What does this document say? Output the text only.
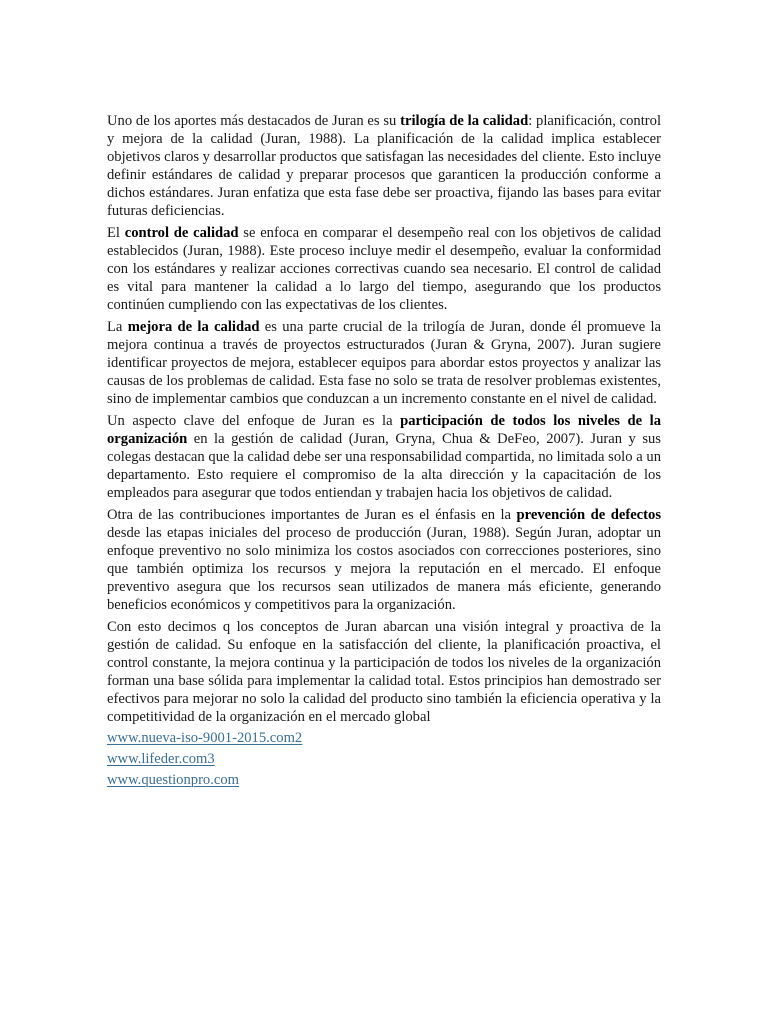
Uno de los aportes más destacados de Juran es su trilogía de la calidad: planificación, control y mejora de la calidad (Juran, 1988). La planificación de la calidad implica establecer objetivos claros y desarrollar productos que satisfagan las necesidades del cliente. Esto incluye definir estándares de calidad y preparar procesos que garanticen la producción conforme a dichos estándares. Juran enfatiza que esta fase debe ser proactiva, fijando las bases para evitar futuras deficiencias.

El control de calidad se enfoca en comparar el desempeño real con los objetivos de calidad establecidos (Juran, 1988). Este proceso incluye medir el desempeño, evaluar la conformidad con los estándares y realizar acciones correctivas cuando sea necesario. El control de calidad es vital para mantener la calidad a lo largo del tiempo, asegurando que los productos continúen cumpliendo con las expectativas de los clientes.

La mejora de la calidad es una parte crucial de la trilogía de Juran, donde él promueve la mejora continua a través de proyectos estructurados (Juran & Gryna, 2007). Juran sugiere identificar proyectos de mejora, establecer equipos para abordar estos proyectos y analizar las causas de los problemas de calidad. Esta fase no solo se trata de resolver problemas existentes, sino de implementar cambios que conduzcan a un incremento constante en el nivel de calidad.

Un aspecto clave del enfoque de Juran es la participación de todos los niveles de la organización en la gestión de calidad (Juran, Gryna, Chua & DeFeo, 2007). Juran y sus colegas destacan que la calidad debe ser una responsabilidad compartida, no limitada solo a un departamento. Esto requiere el compromiso de la alta dirección y la capacitación de los empleados para asegurar que todos entiendan y trabajen hacia los objetivos de calidad.

Otra de las contribuciones importantes de Juran es el énfasis en la prevención de defectos desde las etapas iniciales del proceso de producción (Juran, 1988). Según Juran, adoptar un enfoque preventivo no solo minimiza los costos asociados con correcciones posteriores, sino que también optimiza los recursos y mejora la reputación en el mercado. El enfoque preventivo asegura que los recursos sean utilizados de manera más eficiente, generando beneficios económicos y competitivos para la organización.

Con esto decimos q los conceptos de Juran abarcan una visión integral y proactiva de la gestión de calidad. Su enfoque en la satisfacción del cliente, la planificación proactiva, el control constante, la mejora continua y la participación de todos los niveles de la organización forman una base sólida para implementar la calidad total. Estos principios han demostrado ser efectivos para mejorar no solo la calidad del producto sino también la eficiencia operativa y la competitividad de la organización en el mercado global

www.nueva-iso-9001-2015.com2
www.lifeder.com3
www.questionpro.com
